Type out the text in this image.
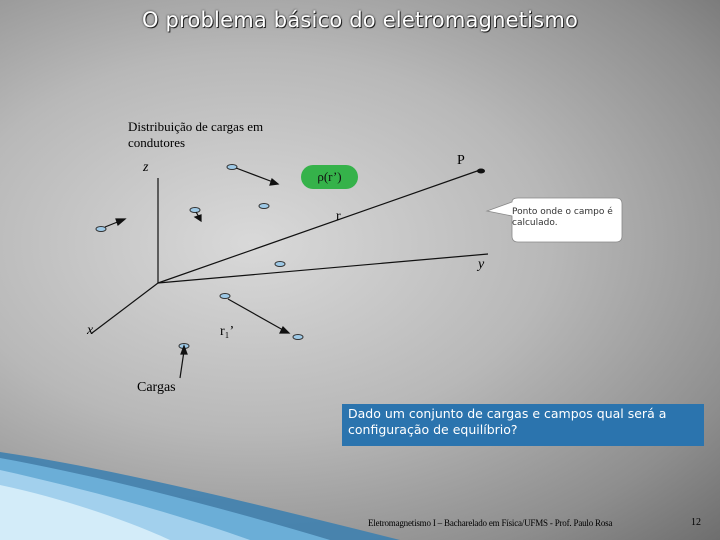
O problema básico do eletromagnetismo
Distribuição de cargas em condutores
z	P
ρ(r’)
r	Ponto onde o campo é calculado.
y
x	r₁’
Cargas
Dado um conjunto de cargas e campos qual será a configuração de equilíbrio?
Eletromagnetismo I – Bacharelado em Física/UFMS - Prof. Paulo Rosa	12
